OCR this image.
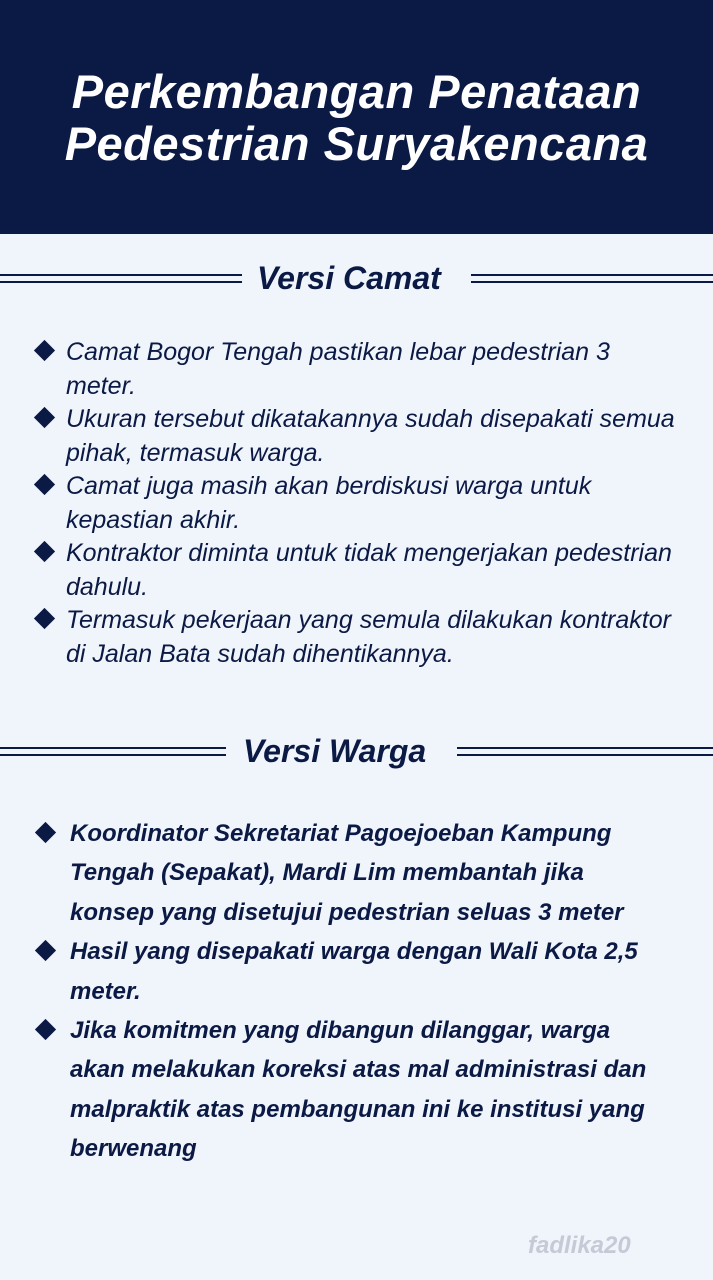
Perkembangan Penataan
Pedestrian Suryakencana
Versi Camat
Camat Bogor Tengah pastikan lebar pedestrian 3 meter.
Ukuran tersebut dikatakannya sudah disepakati semua pihak, termasuk warga.
Camat juga masih akan berdiskusi warga untuk kepastian akhir.
Kontraktor diminta untuk tidak mengerjakan pedestrian dahulu.
Termasuk pekerjaan yang semula dilakukan kontraktor di Jalan Bata sudah dihentikannya.
Versi Warga
Koordinator Sekretariat Pagoejoeban Kampung Tengah (Sepakat), Mardi Lim membantah jika konsep yang disetujui pedestrian seluas 3 meter
Hasil yang disepakati warga dengan Wali Kota 2,5 meter.
Jika komitmen yang dibangun dilanggar, warga akan melakukan koreksi atas mal administrasi dan malpraktik atas pembangunan ini ke institusi yang berwenang
fadlika20
